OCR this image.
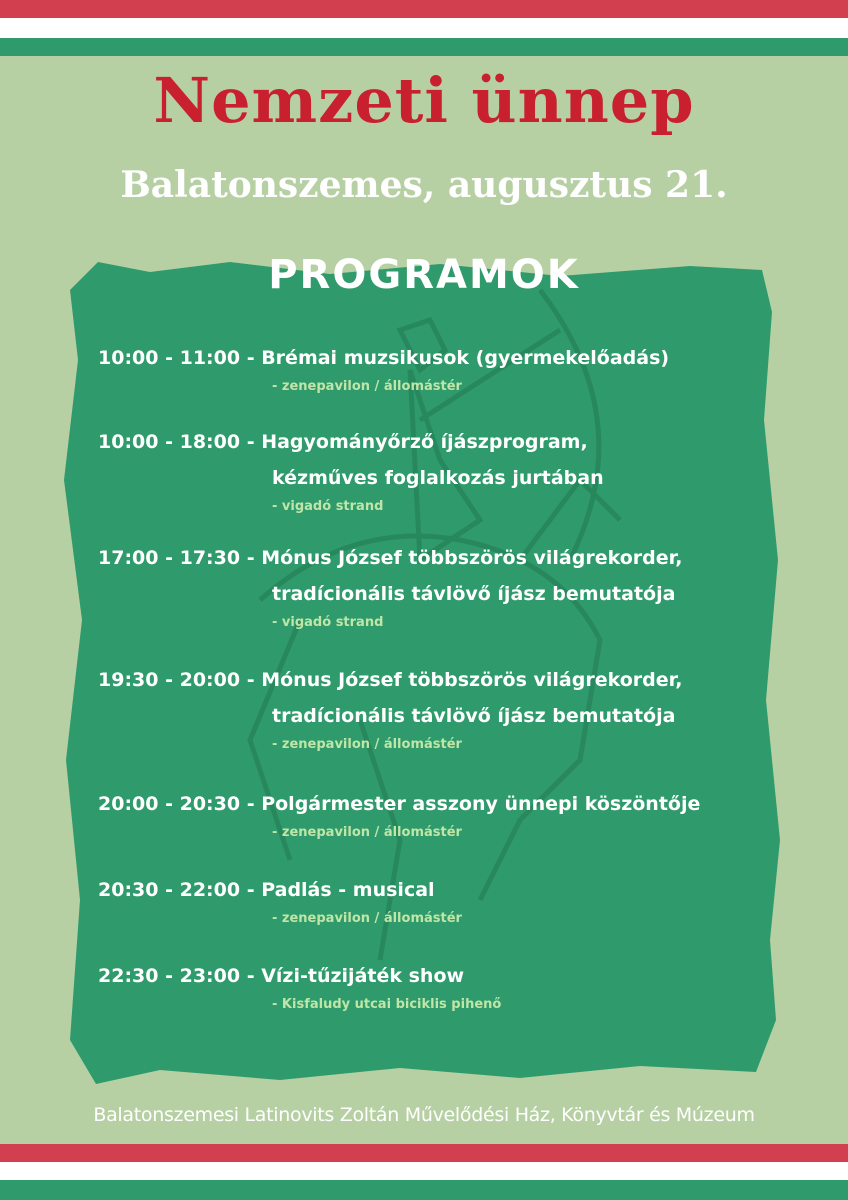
Nemzeti ünnep
Balatonszemes, augusztus 21.
PROGRAMOK
10:00 - 11:00 - Brémai muzsikusok (gyermekelőadás)
- zenepavilon / állomástér
10:00 - 18:00 - Hagyományőrző íjászprogram,
kézműves foglalkozás jurtában
- vigadó strand
17:00 - 17:30 - Mónus József többszörös világrekorder,
tradícionális távlövő íjász bemutatója
- vigadó strand
19:30 - 20:00 - Mónus József többszörös világrekorder,
tradícionális távlövő íjász bemutatója
- zenepavilon / állomástér
20:00 - 20:30 - Polgármester asszony ünnepi köszöntője
- zenepavilon / állomástér
20:30 - 22:00 - Padlás - musical
- zenepavilon / állomástér
22:30 - 23:00 - Vízi-tűzijáték show
- Kisfaludy utcai biciklis pihenő
Balatonszemesi Latinovits Zoltán Művelődési Ház, Könyvtár és Múzeum
